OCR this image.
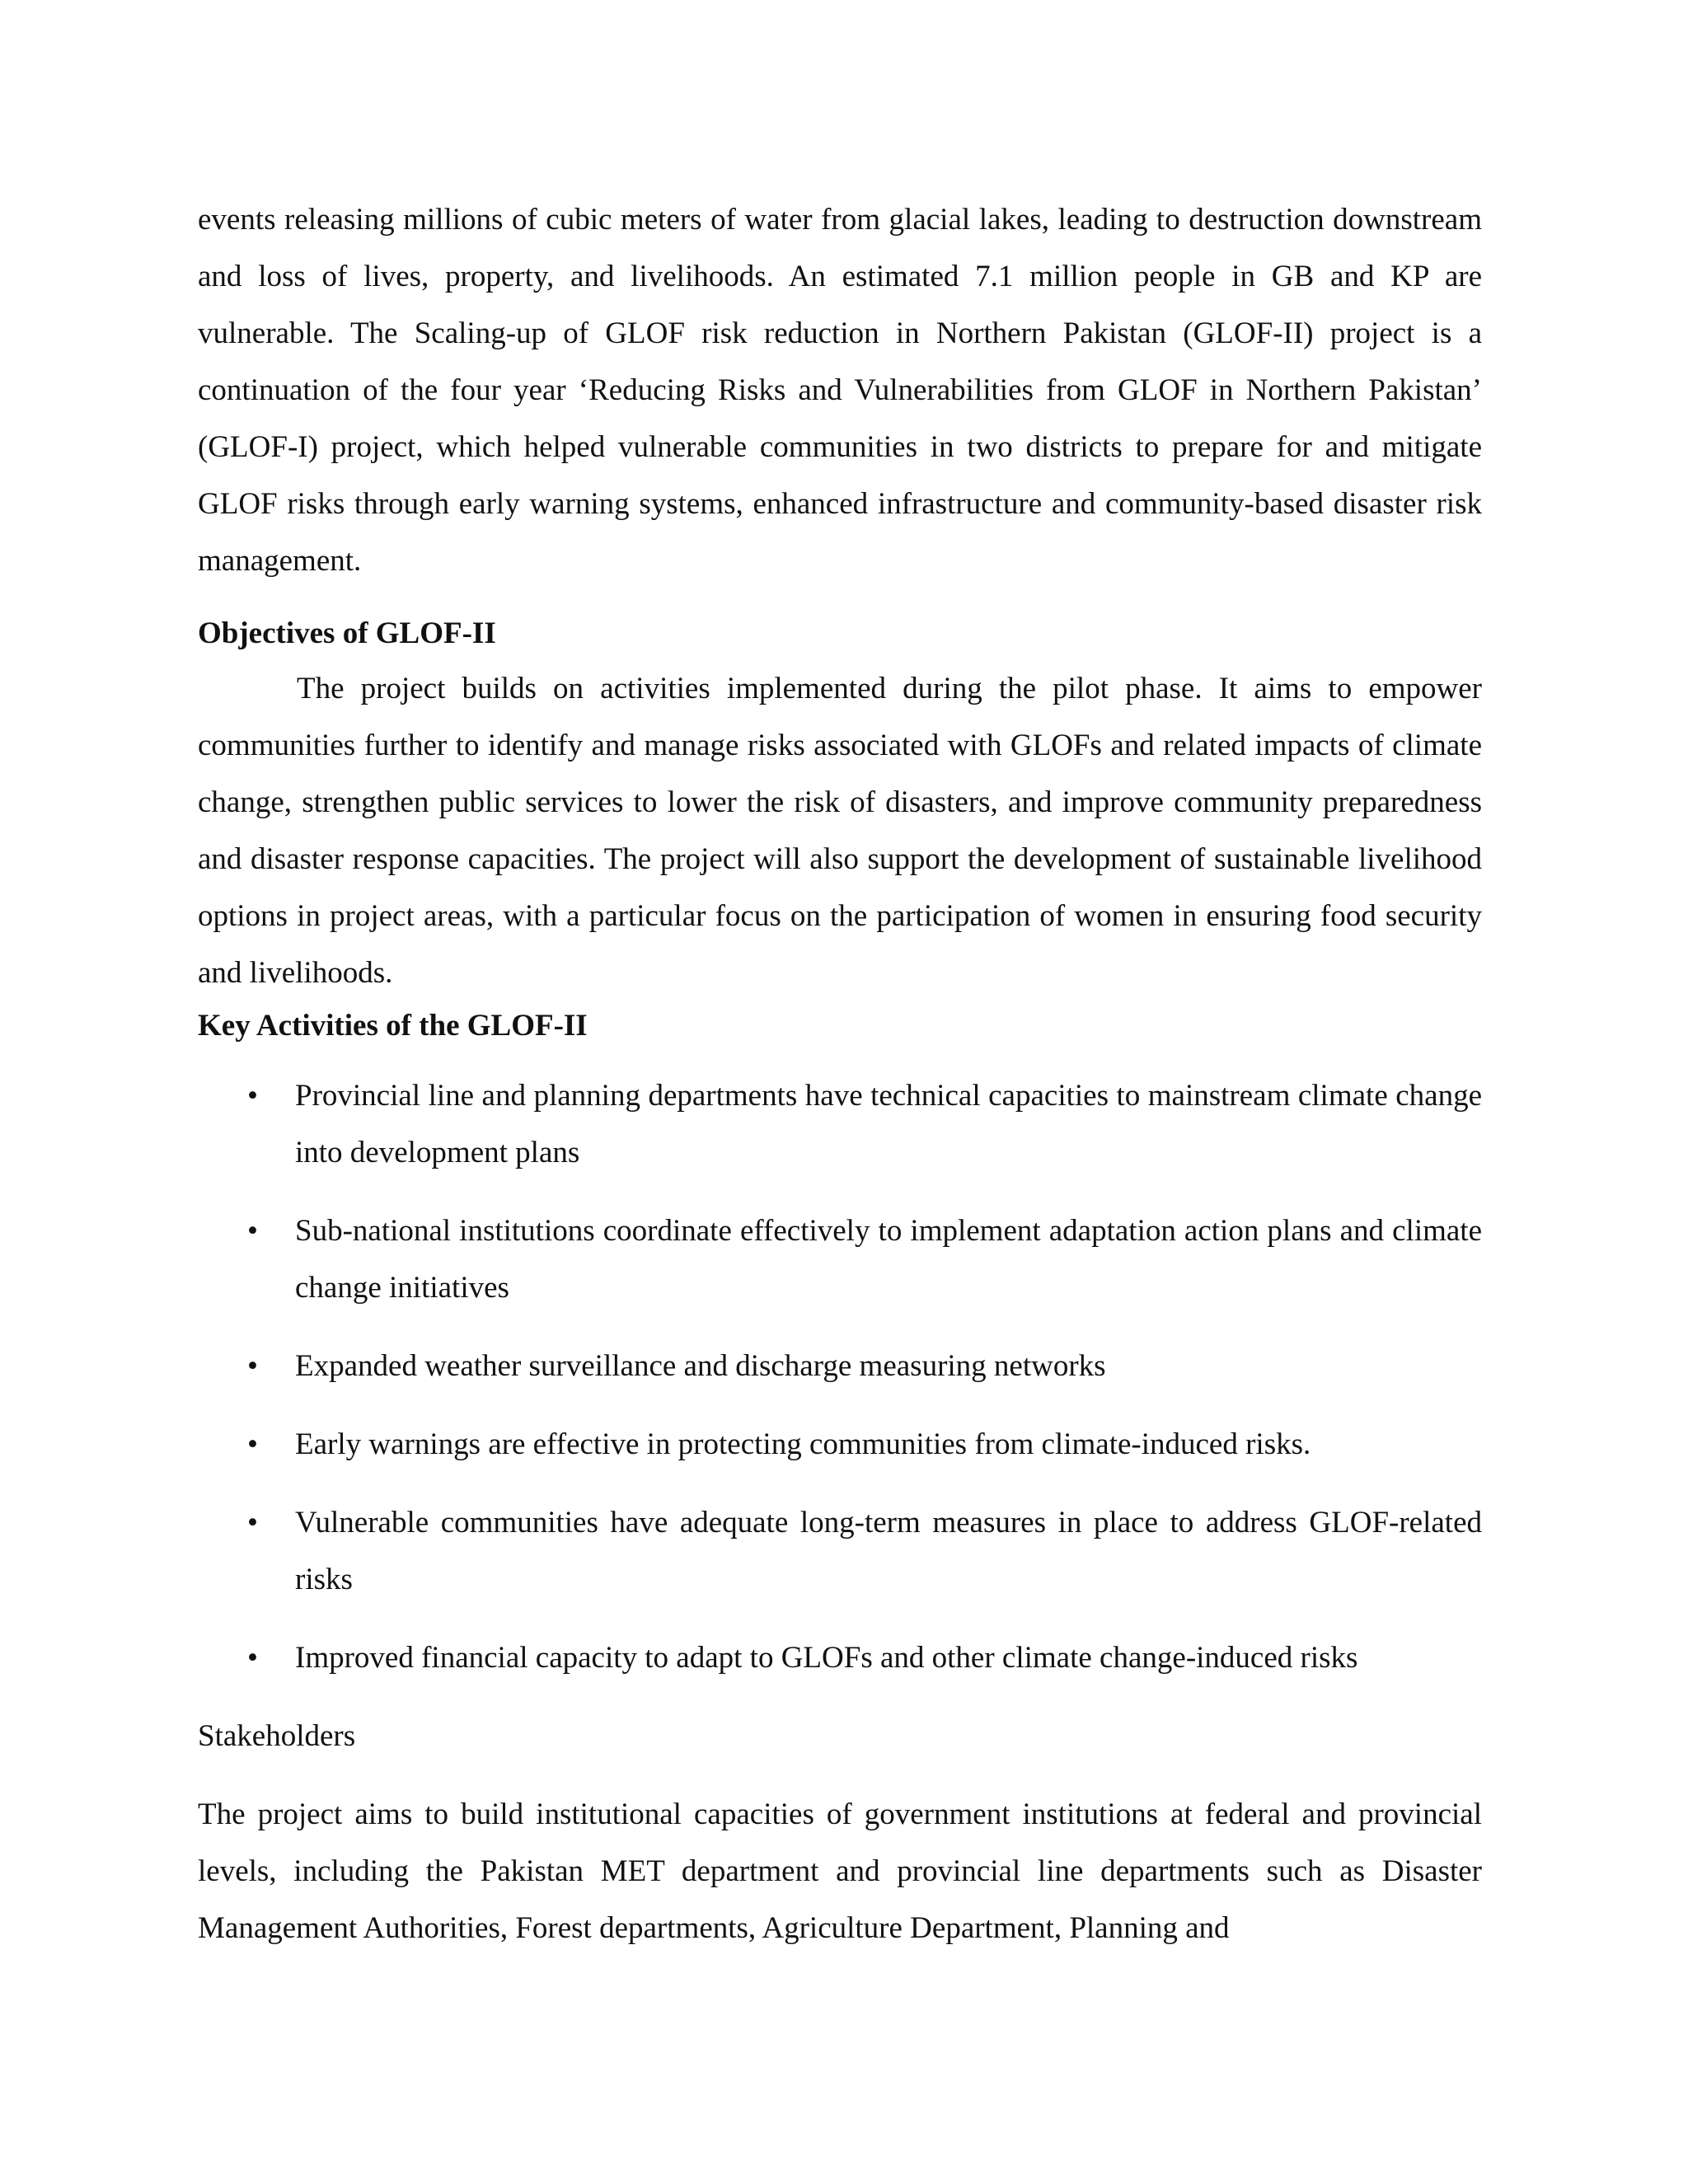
events releasing millions of cubic meters of water from glacial lakes, leading to destruction downstream and loss of lives, property, and livelihoods. An estimated 7.1 million people in GB and KP are vulnerable. The Scaling-up of GLOF risk reduction in Northern Pakistan (GLOF-II) project is a continuation of the four year ‘Reducing Risks and Vulnerabilities from GLOF in Northern Pakistan’ (GLOF-I) project, which helped vulnerable communities in two districts to prepare for and mitigate GLOF risks through early warning systems, enhanced infrastructure and community-based disaster risk management.

Objectives of GLOF-II

The project builds on activities implemented during the pilot phase. It aims to empower communities further to identify and manage risks associated with GLOFs and related impacts of climate change, strengthen public services to lower the risk of disasters, and improve community preparedness and disaster response capacities. The project will also support the development of sustainable livelihood options in project areas, with a particular focus on the participation of women in ensuring food security and livelihoods.

Key Activities of the GLOF-II
• Provincial line and planning departments have technical capacities to mainstream climate change into development plans
• Sub-national institutions coordinate effectively to implement adaptation action plans and climate change initiatives
• Expanded weather surveillance and discharge measuring networks
• Early warnings are effective in protecting communities from climate-induced risks.
• Vulnerable communities have adequate long-term measures in place to address GLOF-related risks
• Improved financial capacity to adapt to GLOFs and other climate change-induced risks
Stakeholders

The project aims to build institutional capacities of government institutions at federal and provincial levels, including the Pakistan MET department and provincial line departments such as Disaster Management Authorities, Forest departments, Agriculture Department, Planning and
